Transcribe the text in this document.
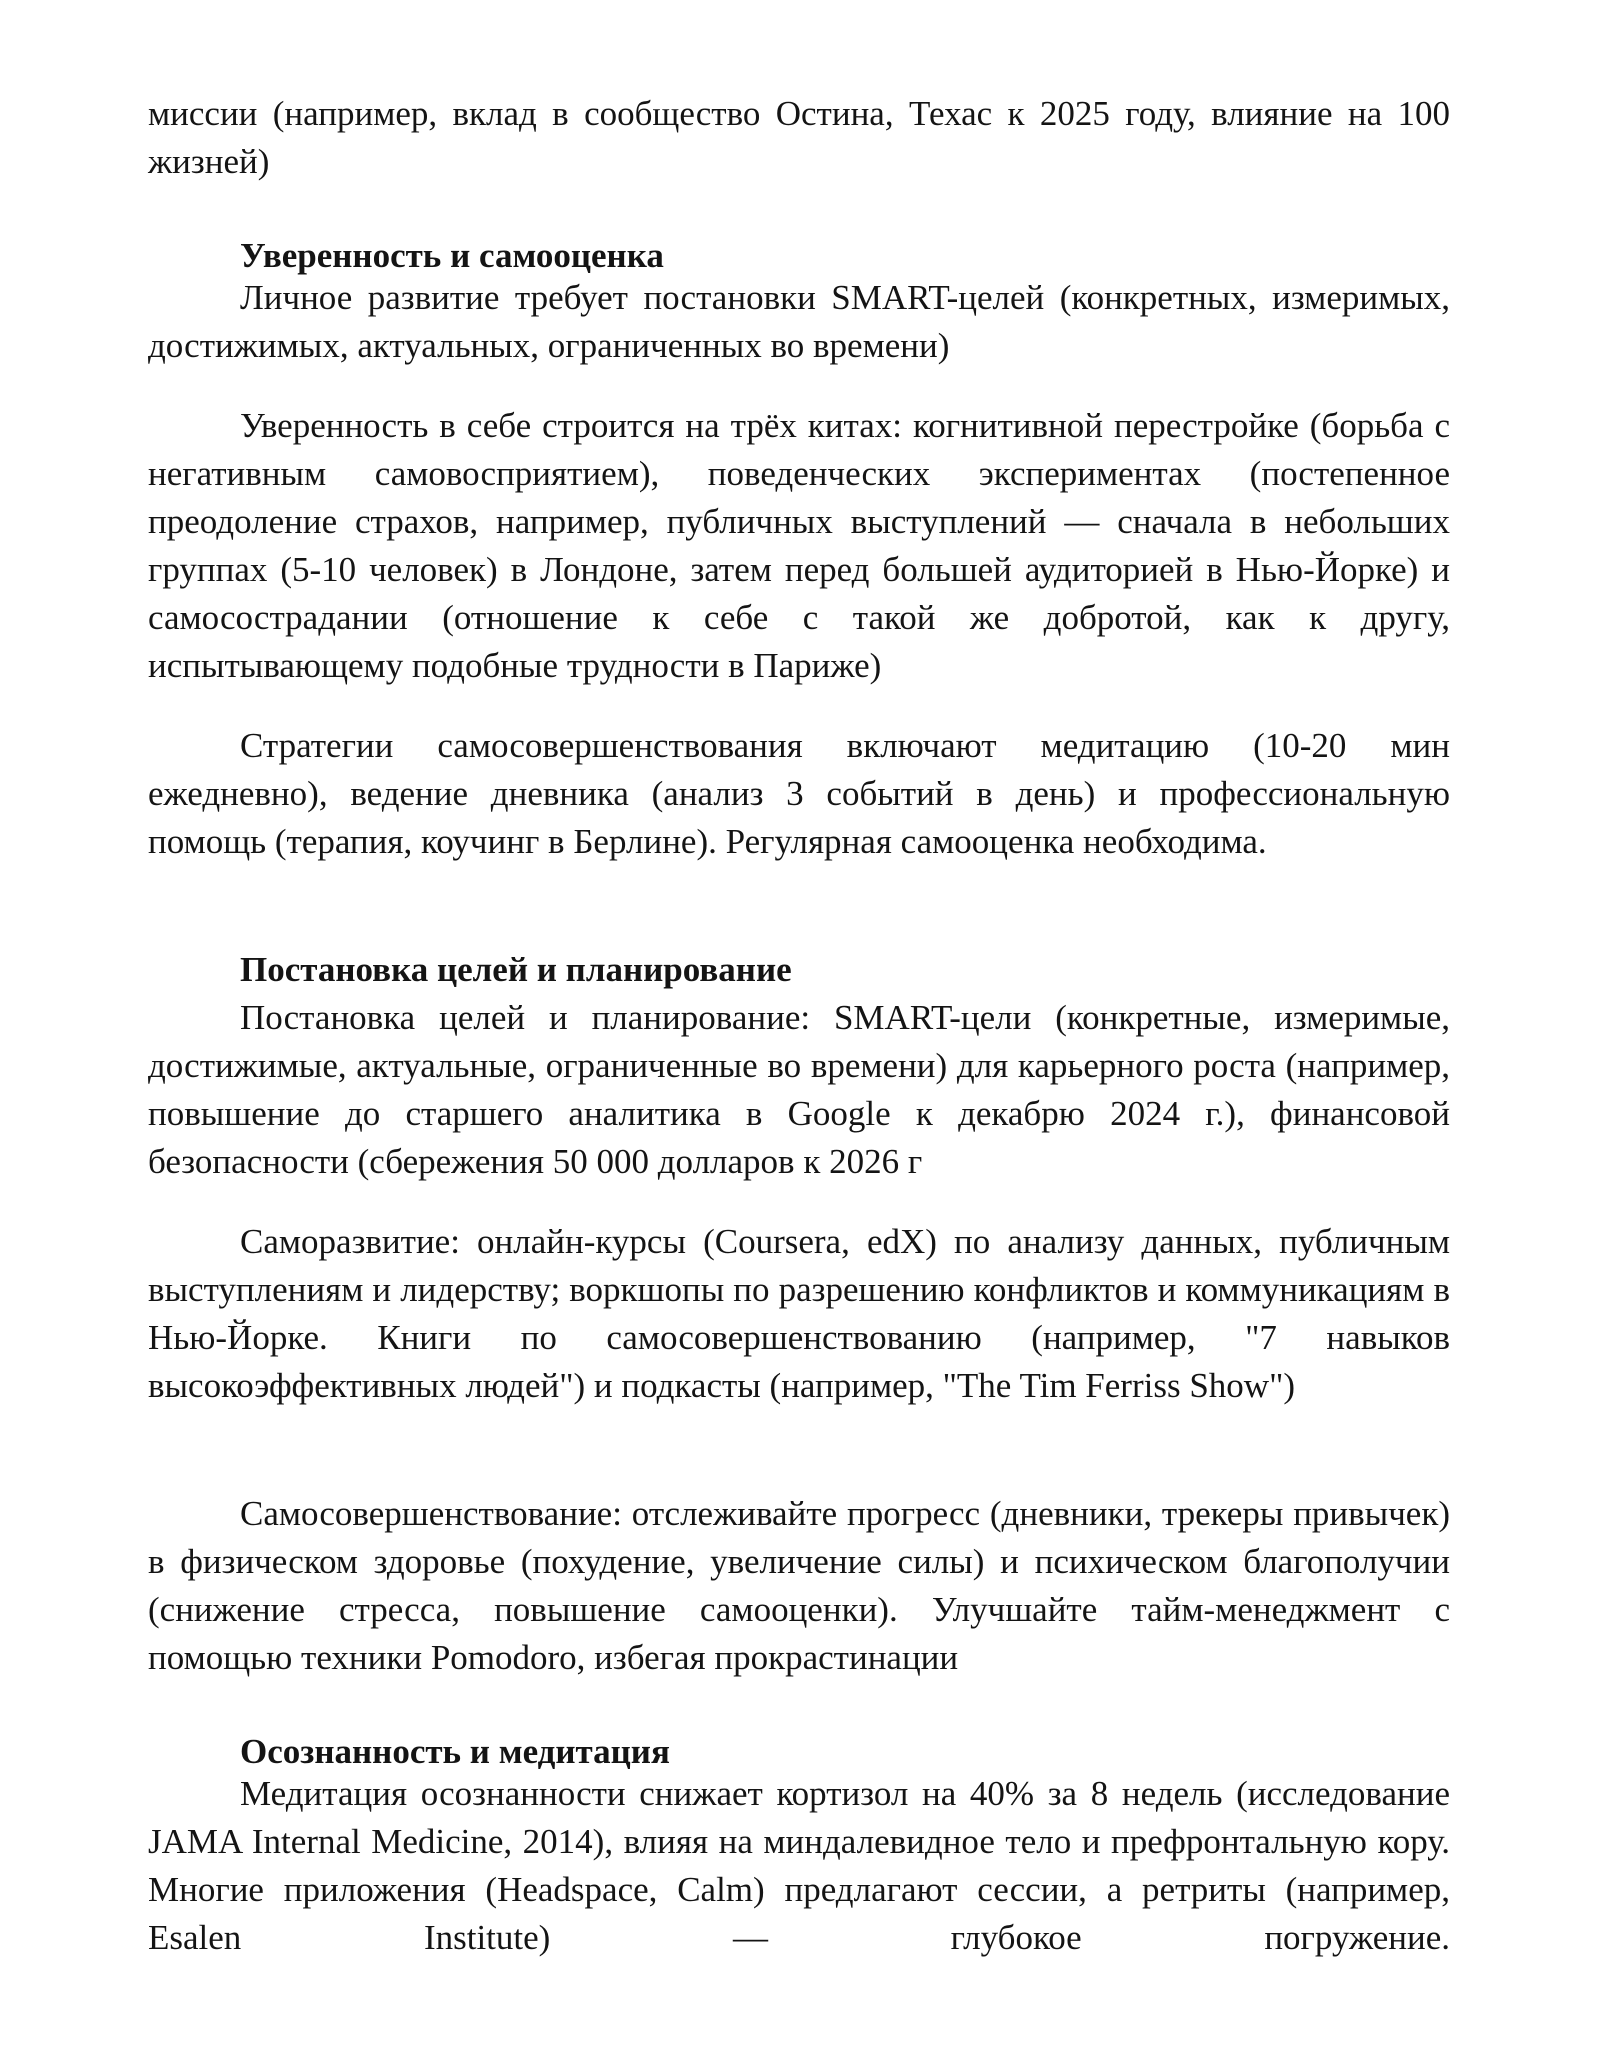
миссии (например, вклад в сообщество Остина, Техас к 2025 году, влияние на 100 жизней)

Уверенность и самооценка

Личное развитие требует постановки SMART-целей (конкретных, измеримых, достижимых, актуальных, ограниченных во времени)

Уверенность в себе строится на трёх китах: когнитивной перестройке (борьба с негативным самовосприятием), поведенческих экспериментах (постепенное преодоление страхов, например, публичных выступлений — сначала в небольших группах (5-10 человек) в Лондоне, затем перед большей аудиторией в Нью-Йорке) и самосострадании (отношение к себе с такой же добротой, как к другу, испытывающему подобные трудности в Париже)

Стратегии самосовершенствования включают медитацию (10-20 мин ежедневно), ведение дневника (анализ 3 событий в день) и профессиональную помощь (терапия, коучинг в Берлине). Регулярная самооценка необходима.

Постановка целей и планирование

Постановка целей и планирование: SMART-цели (конкретные, измеримые, достижимые, актуальные, ограниченные во времени) для карьерного роста (например, повышение до старшего аналитика в Google к декабрю 2024 г.), финансовой безопасности (сбережения 50 000 долларов к 2026 г

Саморазвитие: онлайн-курсы (Coursera, edX) по анализу данных, публичным выступлениям и лидерству; воркшопы по разрешению конфликтов и коммуникациям в Нью-Йорке. Книги по самосовершенствованию (например, "7 навыков высокоэффективных людей") и подкасты (например, "The Tim Ferriss Show")

Самосовершенствование: отслеживайте прогресс (дневники, трекеры привычек) в физическом здоровье (похудение, увеличение силы) и психическом благополучии (снижение стресса, повышение самооценки). Улучшайте тайм-менеджмент с помощью техники Pomodoro, избегая прокрастинации

Осознанность и медитация

Медитация осознанности снижает кортизол на 40% за 8 недель (исследование JAMA Internal Medicine, 2014), влияя на миндалевидное тело и префронтальную кору. Многие приложения (Headspace, Calm) предлагают сессии, а ретриты (например, Esalen Institute) — глубокое погружение.
